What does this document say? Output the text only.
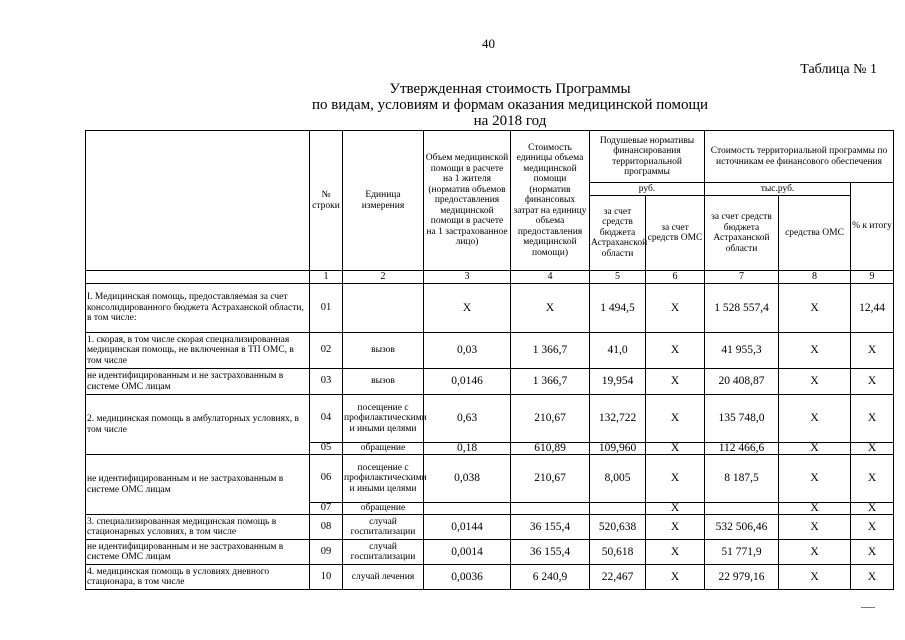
40
Таблица № 1
Утвержденная стоимость Программы
по видам, условиям и формам оказания медицинской помощи
на 2018 год
	№ строки	Единица измерения	Объем медицинской помощи в расчете на 1 жителя (норматив объемов предоставления медицинской помощи в расчете на 1 застрахованное лицо)	Стоимость единицы объема медицинской помощи (норматив финансовых затрат на единицу объема предоставления медицинской помощи)	Подушевые нормативы финансирования территориальной программы		Стоимость территориальной программы по источникам ее финансового обеспечения		
					руб.		тыс.руб.		% к итогу
					за счет средств бюджета Астраханской области	за счет средств ОМС	за счет средств бюджета Астраханской области	средства ОМС	
	1	2	3	4	5	6	7	8	9
I. Медицинская помощь, предоставляемая за счет консолидированного бюджета Астраханской области, в том числе:	01		X	X	1 494,5	X	1 528 557,4	X	12,44
1. скорая, в том числе скорая специализированная медицинская помощь, не включенная в ТП ОМС, в том числе	02	вызов	0,03	1 366,7	41,0	X	41 955,3	X	X
не идентифицированным и не застрахованным в системе ОМС лицам	03	вызов	0,0146	1 366,7	19,954	X	20 408,87	X	X
2. медицинская помощь в амбулаторных условиях, в том числе	04	посещение с профилактическими и иными целями	0,63	210,67	132,722	X	135 748,0	X	X
	05	обращение	0,18	610,89	109,960	X	112 466,6	X	X
не идентифицированным и не застрахованным в системе ОМС лицам	06	посещение с профилактическими и иными целями	0,038	210,67	8,005	X	8 187,5	X	X
	07	обращение				X		X	X
3. специализированная медицинская помощь в стационарных условиях, в том числе	08	случай госпитализации	0,0144	36 155,4	520,638	X	532 506,46	X	X
не идентифицированным и не застрахованным в системе ОМС лицам	09	случай госпитализации	0,0014	36 155,4	50,618	X	51 771,9	X	X
4. медицинская помощь в условиях дневного стационара, в том числе	10	случай лечения	0,0036	6 240,9	22,467	X	22 979,16	X	X
